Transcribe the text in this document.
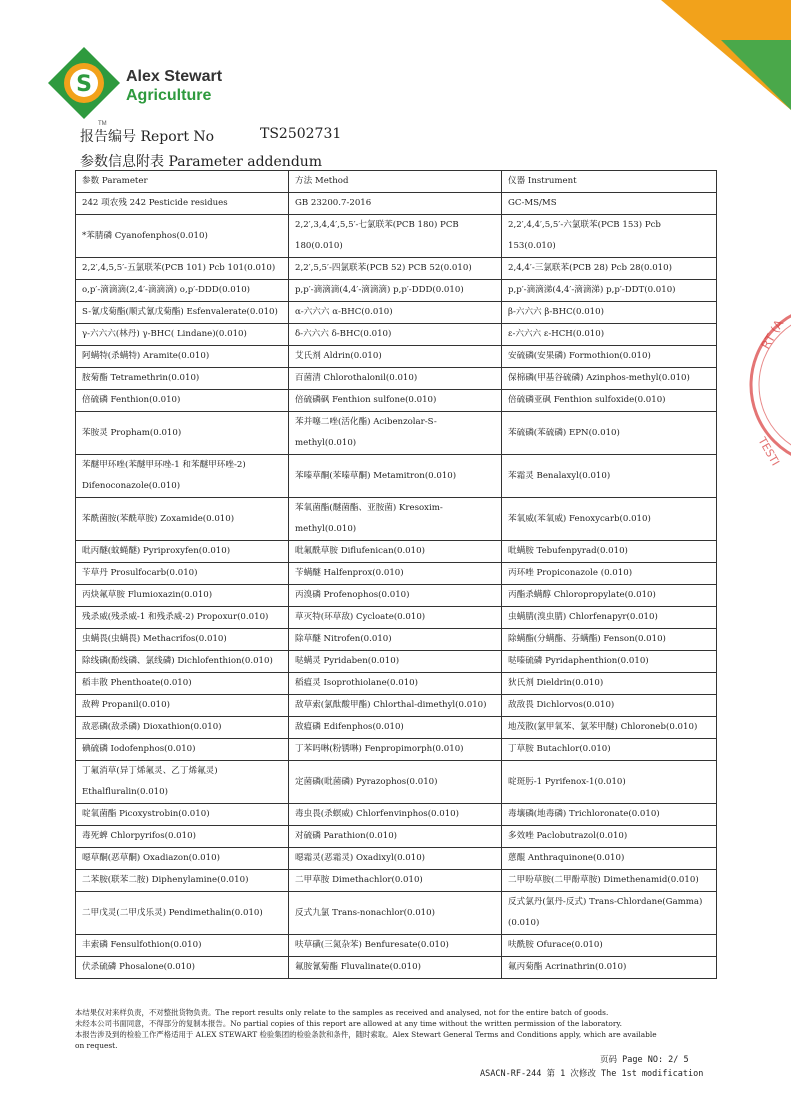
S Alex Stewart
Agriculture
TM
报告编号 Report No	TS2502731
参数信息附表 Parameter addendum
参数 Parameter	方法 Method	仪器 Instrument
242 项农残 242 Pesticide residues	GB 23200.7-2016	GC-MS/MS
*苯腈磷 Cyanofenphos(0.010)	2,2′,3,4,4′,5,5′-七氯联苯(PCB 180) PCB 180(0.010)	2,2′,4,4′,5,5′-六氯联苯(PCB 153) Pcb 153(0.010)
2,2′,4,5,5′-五氯联苯(PCB 101) Pcb 101(0.010)	2,2′,5,5′-四氯联苯(PCB 52) PCB 52(0.010)	2,4,4′-三氯联苯(PCB 28) Pcb 28(0.010)
o,p′-滴滴滴(2,4′-滴滴滴) o,p′-DDD(0.010)	p,p′-滴滴滴(4,4′-滴滴滴) p,p′-DDD(0.010)	p,p′-滴滴涕(4,4′-滴滴涕) p,p′-DDT(0.010)
S-氰戊菊酯(顺式氰戊菊酯) Esfenvalerate(0.010)	α-六六六 α-BHC(0.010)	β-六六六 β-BHC(0.010)
γ-六六六(林丹) γ-BHC( Lindane)(0.010)	δ-六六六 δ-BHC(0.010)	ε-六六六 ε-HCH(0.010)
阿螨特(杀螨特) Aramite(0.010)	艾氏剂 Aldrin(0.010)	安硫磷(安果磷) Formothion(0.010)
胺菊酯 Tetramethrin(0.010)	百菌清 Chlorothalonil(0.010)	保棉磷(甲基谷硫磷) Azinphos-methyl(0.010)
倍硫磷 Fenthion(0.010)	倍硫磷砜 Fenthion sulfone(0.010)	倍硫磷亚砜 Fenthion sulfoxide(0.010)
苯胺灵 Propham(0.010)	苯并噻二唑(活化酯) Acibenzolar-S-methyl(0.010)	苯硫磷(苯硫磷) EPN(0.010)
苯醚甲环唑(苯醚甲环唑-1 和苯醚甲环唑-2) Difenoconazole(0.010)	苯嗪草酮(苯嗪草酮) Metamitron(0.010)	苯霜灵 Benalaxyl(0.010)
苯酰菌胺(苯酰草胺) Zoxamide(0.010)	苯氧菌酯(醚菌酯、亚胺菌) Kresoxim-methyl(0.010)	苯氧威(苯氧威) Fenoxycarb(0.010)
吡丙醚(蚊蝇醚) Pyriproxyfen(0.010)	吡氟酰草胺 Diflufenican(0.010)	吡螨胺 Tebufenpyrad(0.010)
苄草丹 Prosulfocarb(0.010)	苄螨醚 Halfenprox(0.010)	丙环唑 Propiconazole (0.010)
丙炔氟草胺 Flumioxazin(0.010)	丙溴磷 Profenophos(0.010)	丙酯杀螨醇 Chloropropylate(0.010)
残杀威(残杀威-1 和残杀威-2) Propoxur(0.010)	草灭特(环草敌) Cycloate(0.010)	虫螨腈(溴虫腈) Chlorfenapyr(0.010)
虫螨畏(虫螨畏) Methacrifos(0.010)	除草醚 Nitrofen(0.010)	除螨酯(分螨酯、芬螨酯) Fenson(0.010)
除线磷(酚线磷、氯线磷) Dichlofenthion(0.010)	哒螨灵 Pyridaben(0.010)	哒嗪硫磷 Pyridaphenthion(0.010)
稻丰散 Phenthoate(0.010)	稻瘟灵 Isoprothiolane(0.010)	狄氏剂 Dieldrin(0.010)
敌稗 Propanil(0.010)	敌草索(氯酞酸甲酯) Chlorthal-dimethyl(0.010)	敌敌畏 Dichlorvos(0.010)
敌恶磷(敌杀磷) Dioxathion(0.010)	敌瘟磷 Edifenphos(0.010)	地茂散(氯甲氧苯、氯苯甲醚) Chloroneb(0.010)
碘硫磷 Iodofenphos(0.010)	丁苯吗啉(粉锈啉) Fenpropimorph(0.010)	丁草胺 Butachlor(0.010)
丁氟消草(异丁烯氟灵、乙丁烯氟灵) Ethalfluralin(0.010)	定菌磷(吡菌磷) Pyrazophos(0.010)	啶斑肟-1 Pyrifenox-1(0.010)
啶氧菌酯 Picoxystrobin(0.010)	毒虫畏(杀螟威) Chlorfenvinphos(0.010)	毒壤磷(地毒磷) Trichloronate(0.010)
毒死蜱 Chlorpyrifos(0.010)	对硫磷 Parathion(0.010)	多效唑 Paclobutrazol(0.010)
噁草酮(恶草酮) Oxadiazon(0.010)	噁霜灵(恶霜灵) Oxadixyl(0.010)	蒽醌 Anthraquinone(0.010)
二苯胺(联苯二胺) Diphenylamine(0.010)	二甲草胺 Dimethachlor(0.010)	二甲吩草胺(二甲酚草胺) Dimethenamid(0.010)
二甲戊灵(二甲戊乐灵) Pendimethalin(0.010)	反式九氯 Trans-nonachlor(0.010)	反式氯丹(氯丹-反式) Trans-Chlordane(Gamma)(0.010)
丰索磷 Fensulfothion(0.010)	呋草磺(三氮杂苯) Benfuresate(0.010)	呋酰胺 Ofurace(0.010)
伏杀硫磷 Phosalone(0.010)	氟胺氰菊酯 Fluvalinate(0.010)	氟丙菊酯 Acrinathrin(0.010)
RT (A
TESTI
本结果仅对来样负责，不对整批货物负责。The report results only relate to the samples as received and analysed, not for the entire batch of goods.
未经本公司书面同意，不得部分的复制本报告。No partial copies of this report are allowed at any time without the written permission of the laboratory.
本报告涉及到的检验工作严格适用于 ALEX STEWART 检验集团的检验条款和条件，随时索取。Alex Stewart General Terms and Conditions apply, which are available
on request.
页码 Page NO: 2/ 5
ASACN-RF-244 第 1 次修改 The 1st modification
